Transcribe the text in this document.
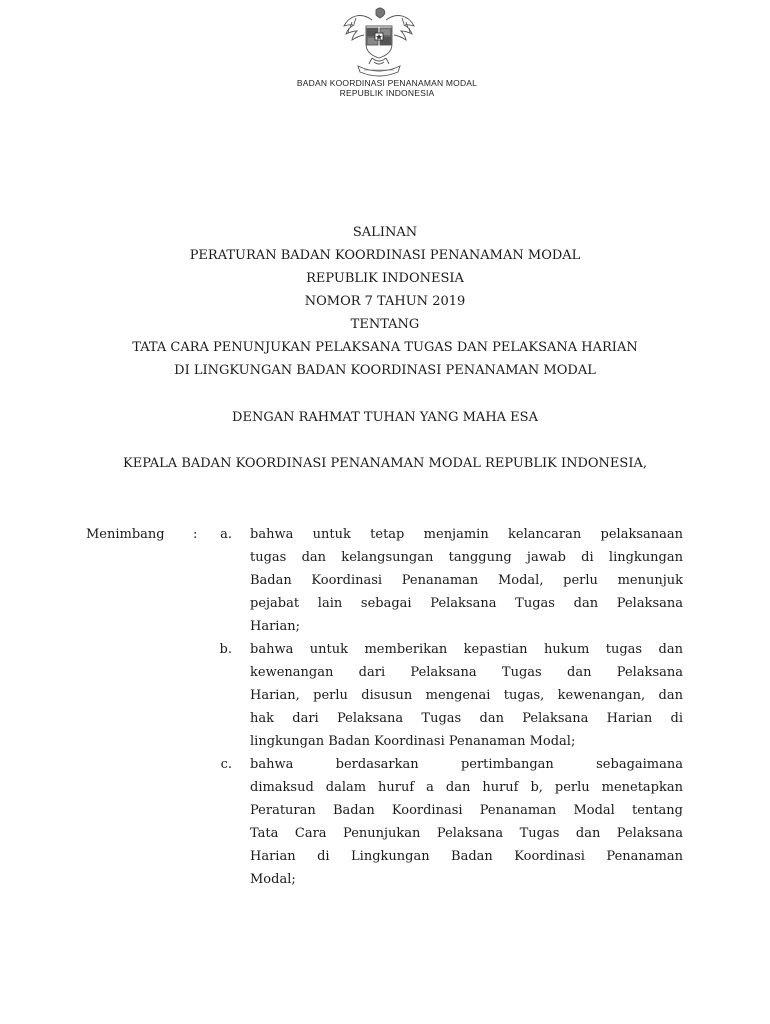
BADAN KOORDINASI PENANAMAN MODAL
REPUBLIK INDONESIA
SALINAN
PERATURAN BADAN KOORDINASI PENANAMAN MODAL
REPUBLIK INDONESIA
NOMOR 7 TAHUN 2019
TENTANG
TATA CARA PENUNJUKAN PELAKSANA TUGAS DAN PELAKSANA HARIAN
DI LINGKUNGAN BADAN KOORDINASI PENANAMAN MODAL
DENGAN RAHMAT TUHAN YANG MAHA ESA
KEPALA BADAN KOORDINASI PENANAMAN MODAL REPUBLIK INDONESIA,
Menimbang :	a. bahwa untuk tetap menjamin kelancaran pelaksanaan
tugas dan kelangsungan tanggung jawab di lingkungan
Badan Koordinasi Penanaman Modal, perlu menunjuk
pejabat lain sebagai Pelaksana Tugas dan Pelaksana
Harian;
b. bahwa untuk memberikan kepastian hukum tugas dan
kewenangan dari Pelaksana Tugas dan Pelaksana
Harian, perlu disusun mengenai tugas, kewenangan, dan
hak dari Pelaksana Tugas dan Pelaksana Harian di
lingkungan Badan Koordinasi Penanaman Modal;
c. bahwa berdasarkan pertimbangan sebagaimana
dimaksud dalam huruf a dan huruf b, perlu menetapkan
Peraturan Badan Koordinasi Penanaman Modal tentang
Tata Cara Penunjukan Pelaksana Tugas dan Pelaksana
Harian di Lingkungan Badan Koordinasi Penanaman
Modal;
